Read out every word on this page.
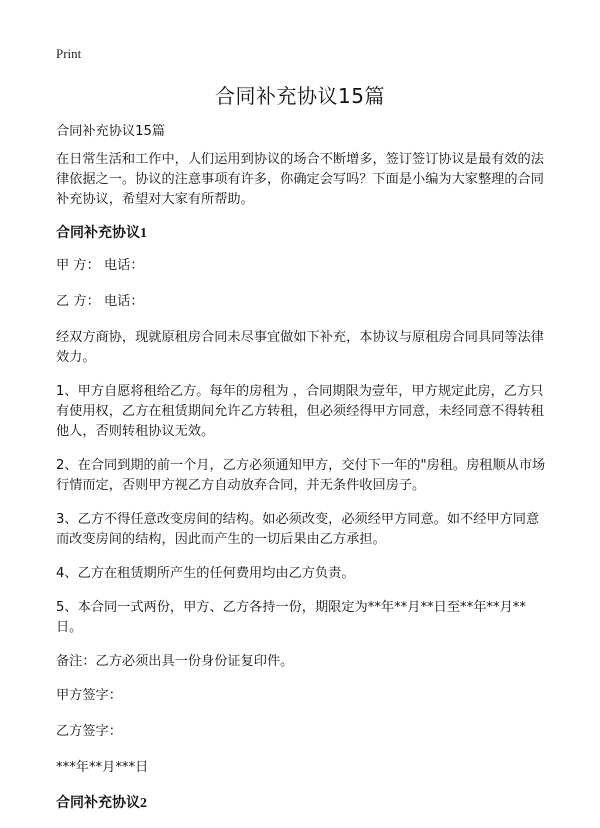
Print
合同补充协议15篇

合同补充协议15篇

在日常生活和工作中，人们运用到协议的场合不断增多，签订签订协议是最有效的法律依据之一。协议的注意事项有许多，你确定会写吗？下面是小编为大家整理的合同补充协议，希望对大家有所帮助。

合同补充协议1

甲 方： 电话：

乙 方： 电话：

经双方商协，现就原租房合同未尽事宜做如下补充，本协议与原租房合同具同等法律效力。

1、甲方自愿将租给乙方。每年的房租为 ，合同期限为壹年，甲方规定此房，乙方只有使用权，乙方在租赁期间允许乙方转租，但必须经得甲方同意，未经同意不得转租他人，否则转租协议无效。

2、在合同到期的前一个月，乙方必须通知甲方，交付下一年的"房租。房租顺从市场行情而定，否则甲方视乙方自动放弃合同，并无条件收回房子。

3、乙方不得任意改变房间的结构。如必须改变，必须经甲方同意。如不经甲方同意而改变房间的结构，因此而产生的一切后果由乙方承担。

4、乙方在租赁期所产生的任何费用均由乙方负责。

5、本合同一式两份，甲方、乙方各持一份，期限定为**年**月**日至**年**月**日。

备注：乙方必须出具一份身份证复印件。

甲方签字：

乙方签字：

***年**月***日

合同补充协议2
